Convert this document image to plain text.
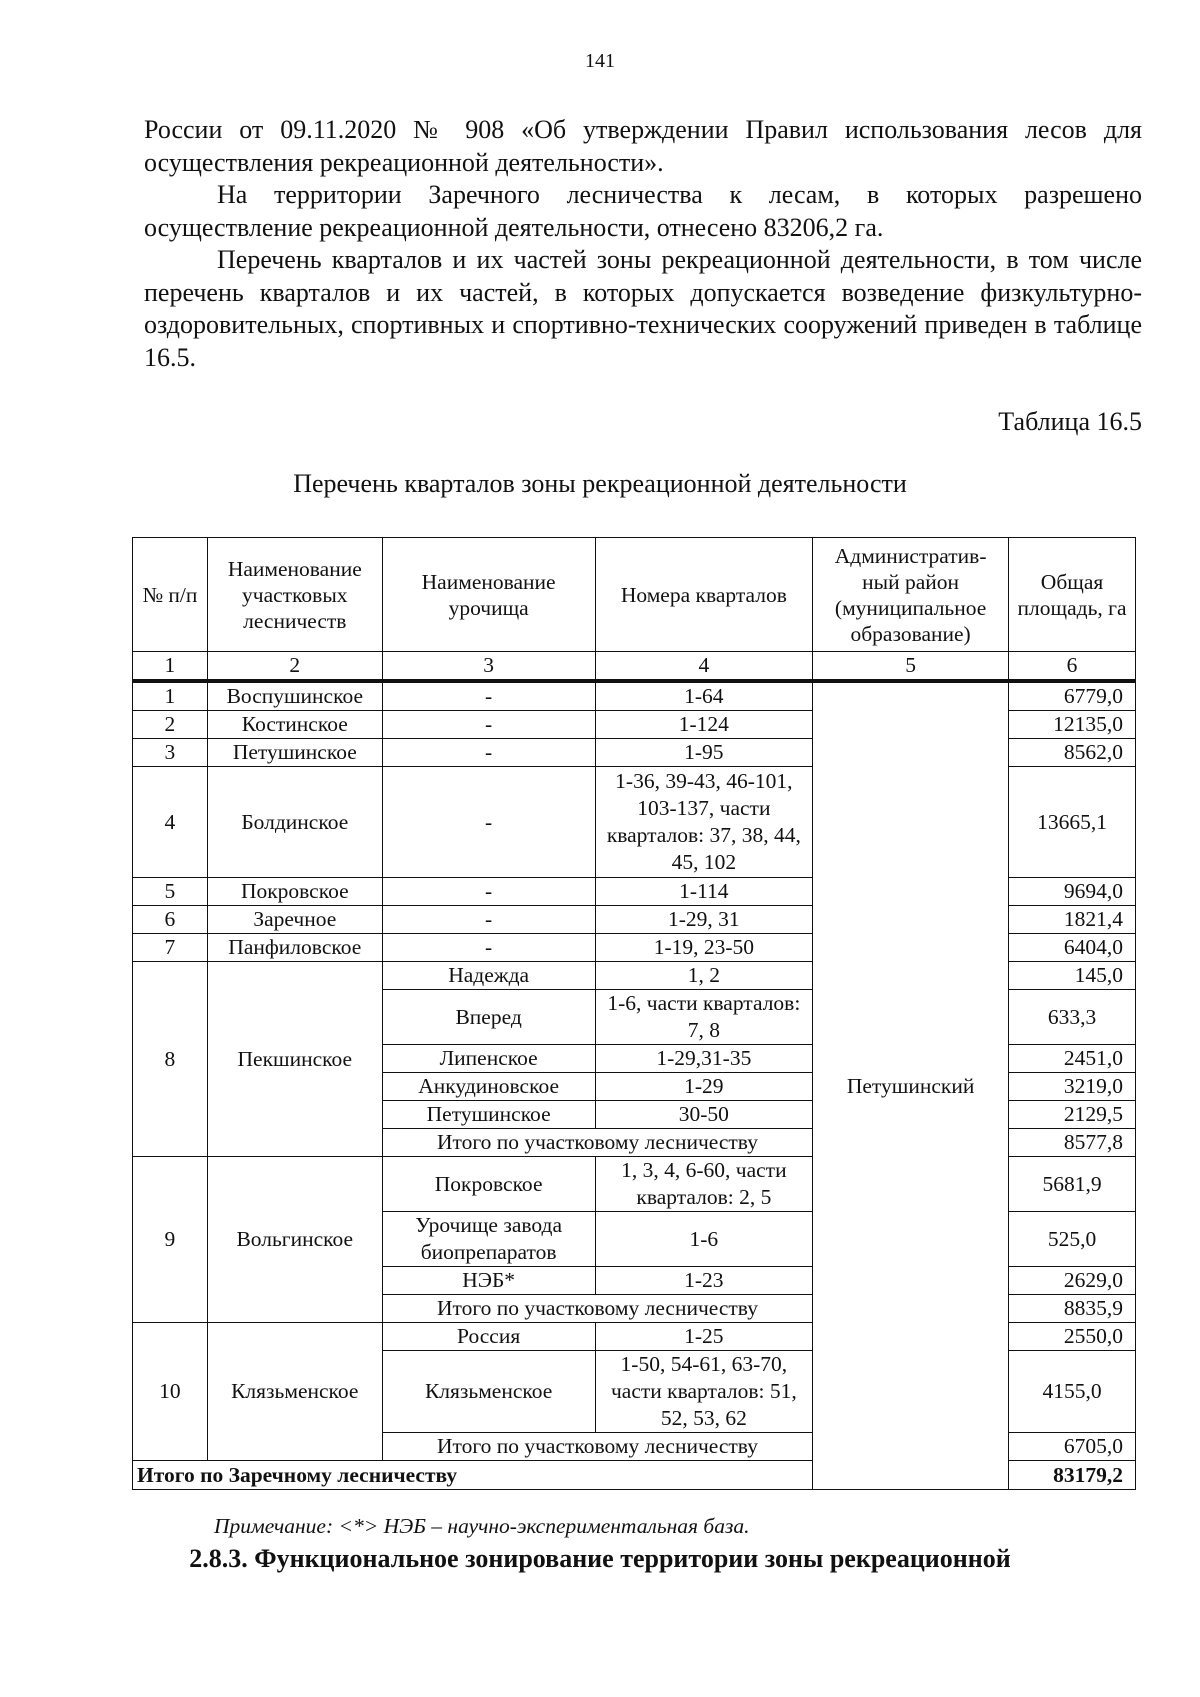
141

России от 09.11.2020 № 908 «Об утверждении Правил использования лесов для осуществления рекреационной деятельности».

На территории Заречного лесничества к лесам, в которых разрешено осуществление рекреационной деятельности, отнесено 83206,2 га.

Перечень кварталов и их частей зоны рекреационной деятельности, в том числе перечень кварталов и их частей, в которых допускается возведение физкультурно-оздоровительных, спортивных и спортивно-технических сооружений приведен в таблице 16.5.

Таблица 16.5
Перечень кварталов зоны рекреационной деятельности
№ п/п	Наименование участковых лесничеств	Наименование урочища	Номера кварталов	Административ-ный район (муниципальное образование)	Общая площадь, га
1	2	3	4	5	6
1	Воспушинское	-	1-64	Петушинский	6779,0
2	Костинское	-	1-124		12135,0
3	Петушинское	-	1-95		8562,0
4	Болдинское	-	1-36, 39-43, 46-101, 103-137, части кварталов: 37, 38, 44, 45, 102		13665,1
5	Покровское	-	1-114		9694,0
6	Заречное	-	1-29, 31		1821,4
7	Панфиловское	-	1-19, 23-50		6404,0
8	Пекшинское	Надежда	1, 2		145,0
		Вперед	1-6, части кварталов: 7, 8		633,3
		Липенское	1-29,31-35		2451,0
		Анкудиновское	1-29		3219,0
		Петушинское	30-50		2129,5
		Итого по участковому лесничеству			8577,8
9	Вольгинское	Покровское	1, 3, 4, 6-60, части кварталов: 2, 5		5681,9
		Урочище завода биопрепаратов	1-6		525,0
		НЭБ*	1-23		2629,0
		Итого по участковому лесничеству			8835,9
10	Клязьменское	Россия	1-25		2550,0
		Клязьменское	1-50, 54-61, 63-70, части кварталов: 51, 52, 53, 62		4155,0
		Итого по участковому лесничеству			6705,0
Итого по Заречному лесничеству					83179,2
Примечание: <*> НЭБ – научно-экспериментальная база.
2.8.3. Функциональное зонирование территории зоны рекреационной
